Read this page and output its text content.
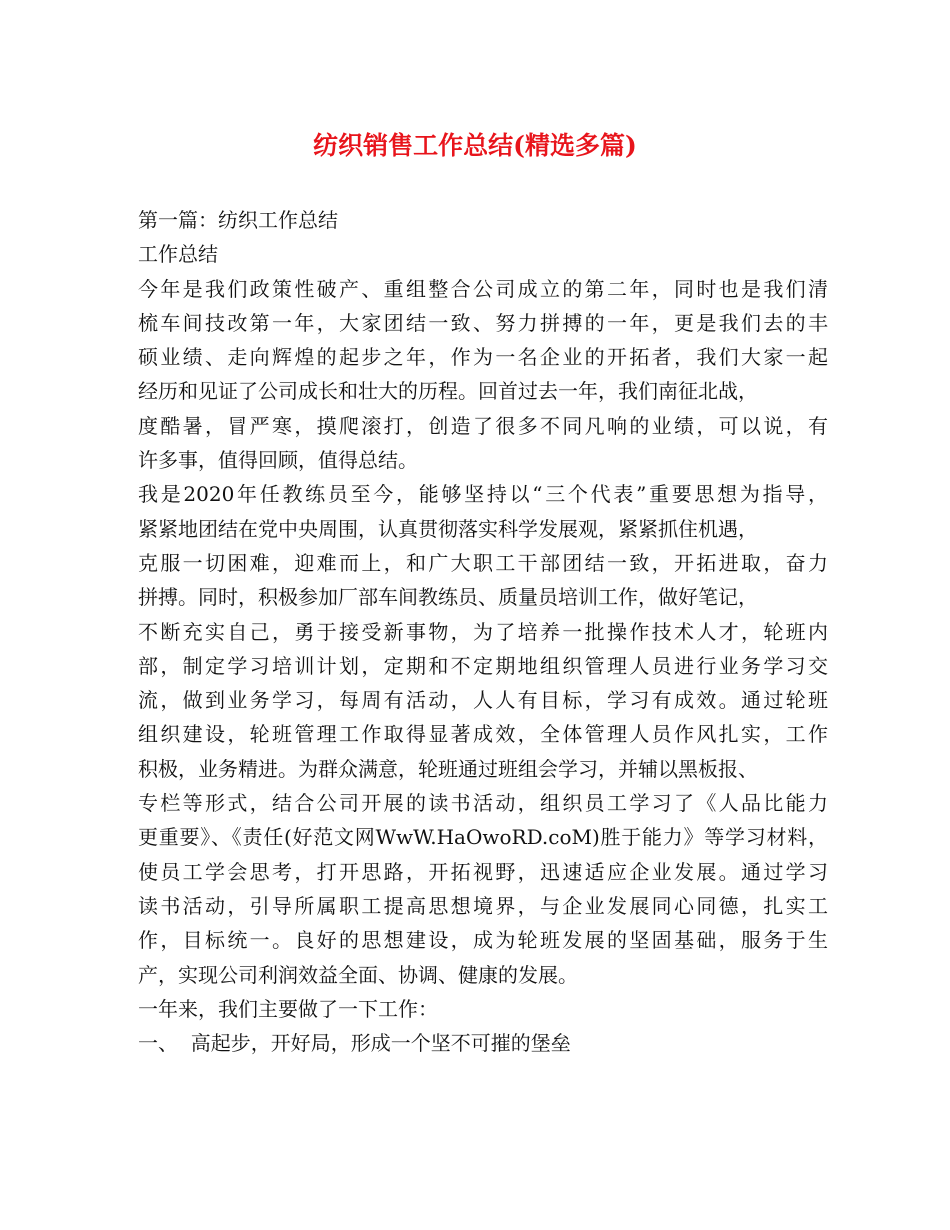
纺织销售工作总结(精选多篇)

第一篇：纺织工作总结

工作总结

今年是我们政策性破产、重组整合公司成立的第二年，同时也是我们清

梳车间技改第一年，大家团结一致、努力拼搏的一年，更是我们去的丰

硕业绩、走向辉煌的起步之年，作为一名企业的开拓者，我们大家一起

经历和见证了公司成长和壮大的历程。回首过去一年，我们南征北战，

度酷暑，冒严寒，摸爬滚打，创造了很多不同凡响的业绩，可以说，有

许多事，值得回顾，值得总结。

我是2020年任教练员至今，能够坚持以“三个代表”重要思想为指导，

紧紧地团结在党中央周围，认真贯彻落实科学发展观，紧紧抓住机遇，

克服一切困难，迎难而上，和广大职工干部团结一致，开拓进取，奋力

拼搏。同时，积极参加厂部车间教练员、质量员培训工作，做好笔记，

不断充实自己，勇于接受新事物，为了培养一批操作技术人才，轮班内

部，制定学习培训计划，定期和不定期地组织管理人员进行业务学习交

流，做到业务学习，每周有活动，人人有目标，学习有成效。通过轮班

组织建设，轮班管理工作取得显著成效，全体管理人员作风扎实，工作

积极，业务精进。为群众满意，轮班通过班组会学习，并辅以黑板报、

专栏等形式，结合公司开展的读书活动，组织员工学习了《人品比能力

更重要》、《责任(好范文网WwW.HaOwoRD.coM)胜于能力》等学习材料，

使员工学会思考，打开思路，开拓视野，迅速适应企业发展。通过学习

读书活动，引导所属职工提高思想境界，与企业发展同心同德，扎实工

作，目标统一。良好的思想建设，成为轮班发展的坚固基础，服务于生

产，实现公司利润效益全面、协调、健康的发展。

一年来，我们主要做了一下工作：

一、  高起步，开好局，形成一个坚不可摧的堡垒
